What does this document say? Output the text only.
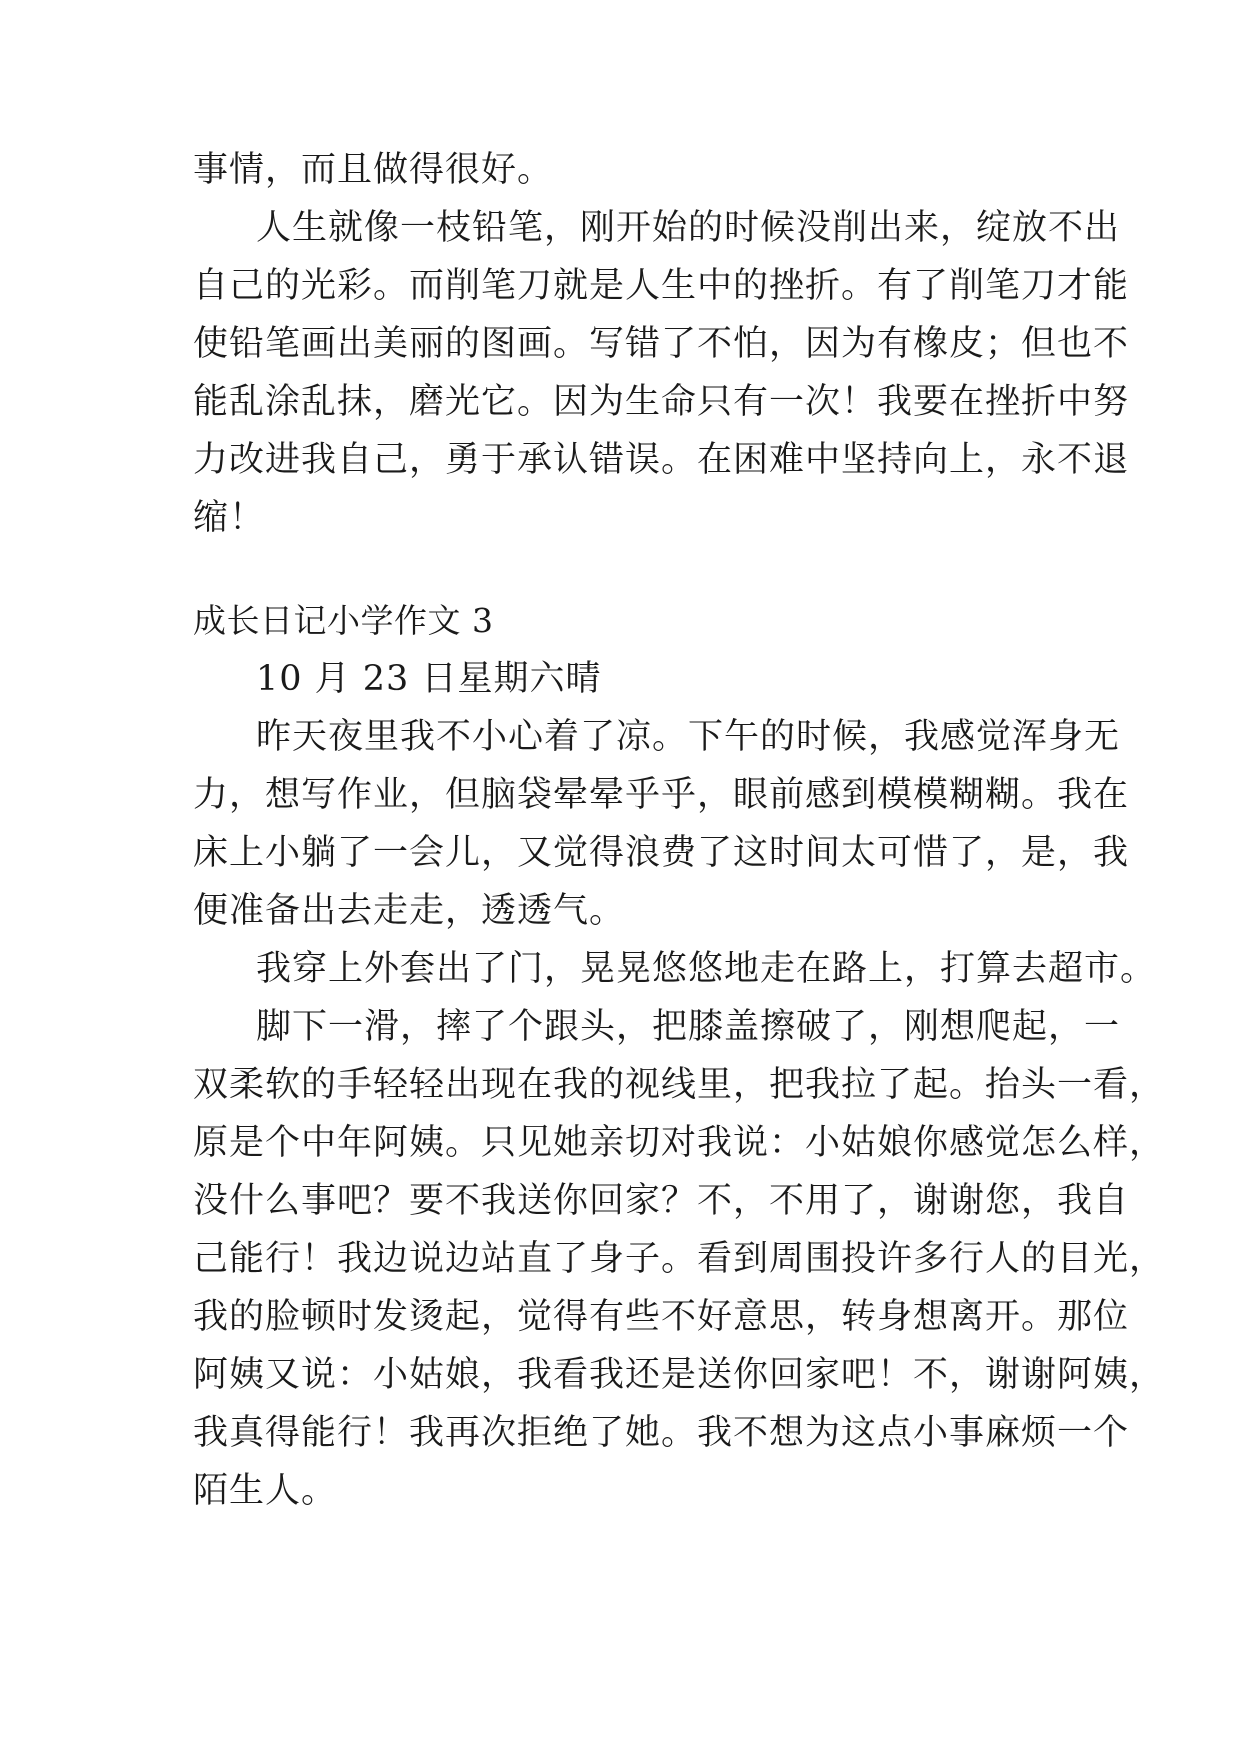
事情，而且做得很好。
人生就像一枝铅笔，刚开始的时候没削出来，绽放不出
自己的光彩。而削笔刀就是人生中的挫折。有了削笔刀才能
使铅笔画出美丽的图画。写错了不怕，因为有橡皮；但也不
能乱涂乱抹，磨光它。因为生命只有一次！我要在挫折中努
力改进我自己，勇于承认错误。在困难中坚持向上，永不退
缩！
成长日记小学作文 3
10 月 23 日星期六晴
昨天夜里我不小心着了凉。下午的时候，我感觉浑身无
力，想写作业，但脑袋晕晕乎乎，眼前感到模模糊糊。我在
床上小躺了一会儿，又觉得浪费了这时间太可惜了，是，我
便准备出去走走，透透气。
我穿上外套出了门，晃晃悠悠地走在路上，打算去超市。
脚下一滑，摔了个跟头，把膝盖擦破了，刚想爬起，一
双柔软的手轻轻出现在我的视线里，把我拉了起。抬头一看，
原是个中年阿姨。只见她亲切对我说：小姑娘你感觉怎么样，
没什么事吧？要不我送你回家？不，不用了，谢谢您，我自
己能行！我边说边站直了身子。看到周围投许多行人的目光，
我的脸顿时发烫起，觉得有些不好意思，转身想离开。那位
阿姨又说：小姑娘，我看我还是送你回家吧！不，谢谢阿姨，
我真得能行！我再次拒绝了她。我不想为这点小事麻烦一个
陌生人。
